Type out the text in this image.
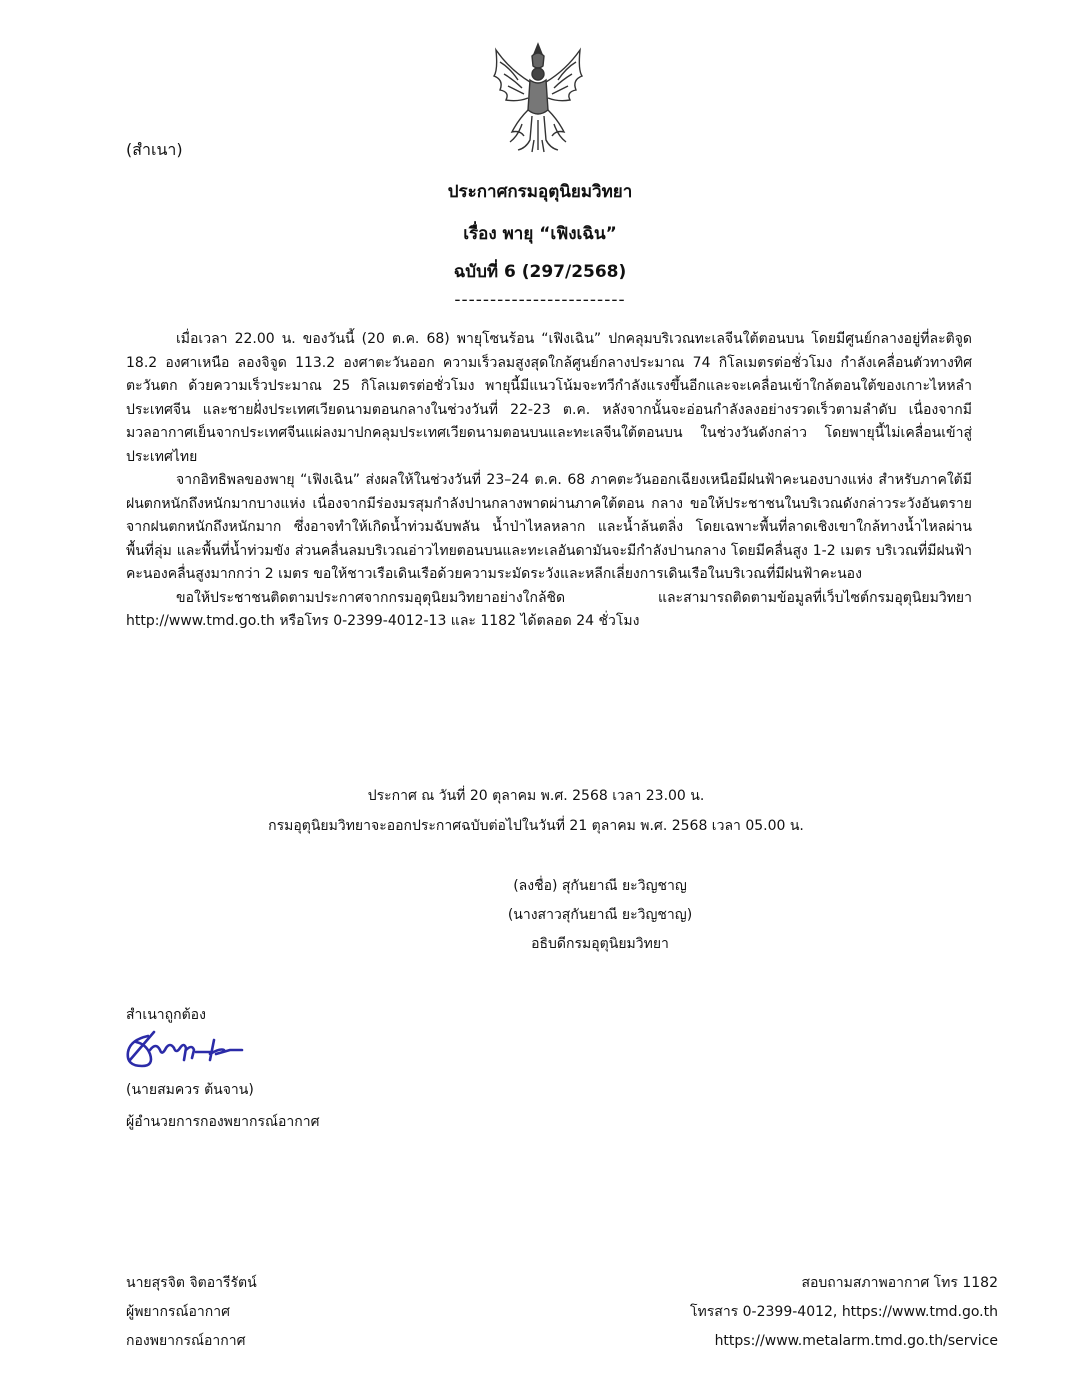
(สำเนา)
ประกาศกรมอุตุนิยมวิทยา
เรื่อง พายุ “เฟิงเฉิน”
ฉบับที่ 6 (297/2568)
------------------------

เมื่อเวลา 22.00 น. ของวันนี้ (20 ต.ค. 68) พายุโซนร้อน “เฟิงเฉิน” ปกคลุมบริเวณทะเลจีนใต้ตอนบน โดยมีศูนย์กลางอยู่ที่ละติจูด 18.2 องศาเหนือ ลองจิจูด 113.2 องศาตะวันออก ความเร็วลมสูงสุดใกล้ศูนย์กลางประมาณ 74 กิโลเมตรต่อชั่วโมง กำลังเคลื่อนตัวทางทิศตะวันตก ด้วยความเร็วประมาณ 25 กิโลเมตรต่อชั่วโมง พายุนี้มีแนวโน้มจะทวีกำลังแรงขึ้นอีกและจะเคลื่อนเข้าใกล้ตอนใต้ของเกาะไหหลำ ประเทศจีน และชายฝั่งประเทศเวียดนามตอนกลางในช่วงวันที่ 22-23 ต.ค. หลังจากนั้นจะอ่อนกำลังลงอย่างรวดเร็วตามลำดับ เนื่องจากมีมวลอากาศเย็นจากประเทศจีนแผ่ลงมาปกคลุมประเทศเวียดนามตอนบนและทะเลจีนใต้ตอนบน ในช่วงวันดังกล่าว โดยพายุนี้ไม่เคลื่อนเข้าสู่ประเทศไทย

จากอิทธิพลของพายุ “เฟิงเฉิน” ส่งผลให้ในช่วงวันที่ 23–24 ต.ค. 68 ภาคตะวันออกเฉียงเหนือมีฝนฟ้าคะนองบางแห่ง สำหรับภาคใต้มีฝนตกหนักถึงหนักมากบางแห่ง เนื่องจากมีร่องมรสุมกำลังปานกลางพาดผ่านภาคใต้ตอน กลาง ขอให้ประชาชนในบริเวณดังกล่าวระวังอันตรายจากฝนตกหนักถึงหนักมาก ซึ่งอาจทำให้เกิดน้ำท่วมฉับพลัน น้ำป่าไหลหลาก และน้ำล้นตลิ่ง โดยเฉพาะพื้นที่ลาดเชิงเขาใกล้ทางน้ำไหลผ่าน พื้นที่ลุ่ม และพื้นที่น้ำท่วมขัง ส่วนคลื่นลมบริเวณอ่าวไทยตอนบนและทะเลอันดามันจะมีกำลังปานกลาง โดยมีคลื่นสูง 1-2 เมตร บริเวณที่มีฝนฟ้าคะนองคลื่นสูงมากกว่า 2 เมตร ขอให้ชาวเรือเดินเรือด้วยความระมัดระวังและหลีกเลี่ยงการเดินเรือในบริเวณที่มีฝนฟ้าคะนอง

ขอให้ประชาชนติดตามประกาศจากกรมอุตุนิยมวิทยาอย่างใกล้ชิด และสามารถติดตามข้อมูลที่เว็บไซต์กรมอุตุนิยมวิทยา http://www.tmd.go.th หรือโทร 0-2399-4012-13 และ 1182 ได้ตลอด 24 ชั่วโมง

ประกาศ ณ วันที่ 20 ตุลาคม พ.ศ. 2568 เวลา 23.00 น.
กรมอุตุนิยมวิทยาจะออกประกาศฉบับต่อไปในวันที่ 21 ตุลาคม พ.ศ. 2568 เวลา 05.00 น.
(ลงชื่อ) สุกันยาณี ยะวิญชาญ
(นางสาวสุกันยาณี ยะวิญชาญ)
อธิบดีกรมอุตุนิยมวิทยา
สำเนาถูกต้อง
(นายสมควร ต้นจาน)
ผู้อำนวยการกองพยากรณ์อากาศ
นายสุรจิต จิตอารีรัตน์
ผู้พยากรณ์อากาศ
กองพยากรณ์อากาศ
สอบถามสภาพอากาศ โทร 1182
โทรสาร 0-2399-4012, https://www.tmd.go.th
https://www.metalarm.tmd.go.th/service
